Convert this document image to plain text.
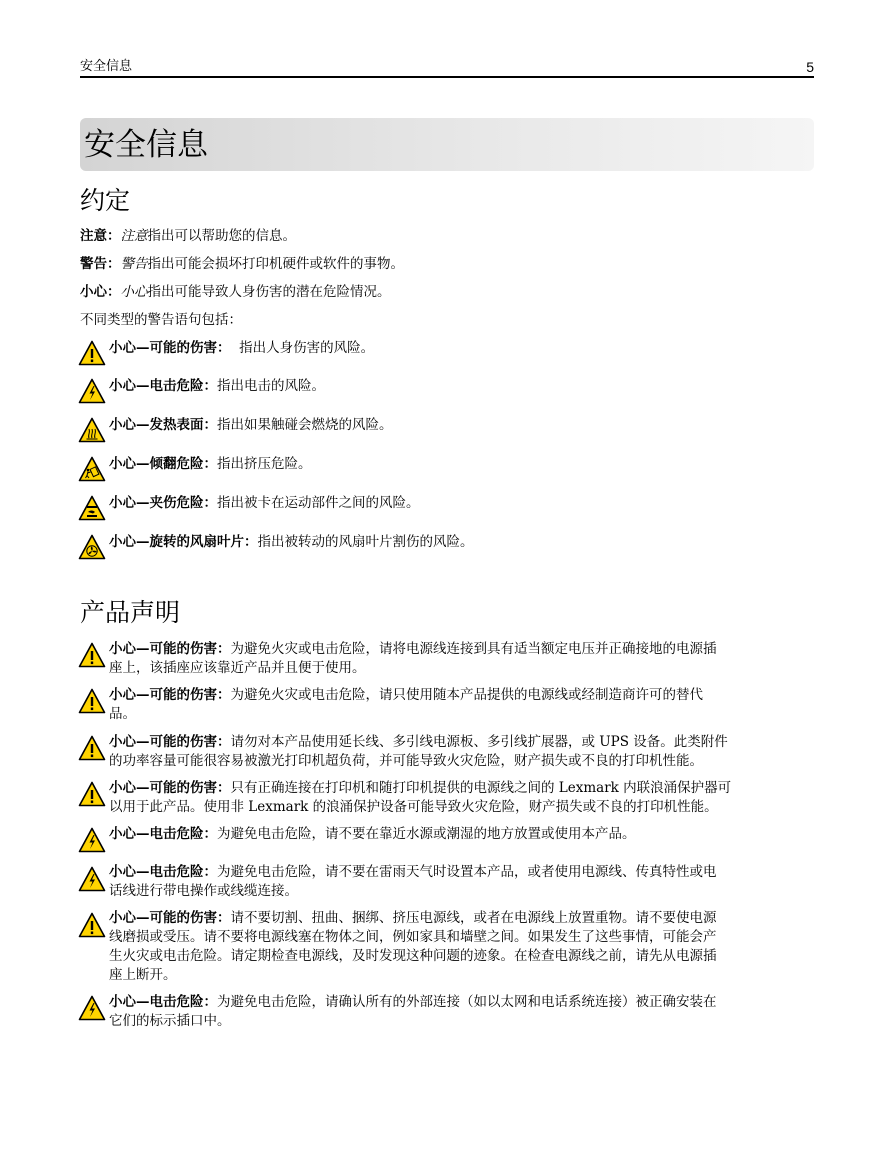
安全信息	5
安全信息
约定
注意：注意指出可以帮助您的信息。
警告：警告指出可能会损坏打印机硬件或软件的事物。
小心：小心指出可能导致人身伤害的潜在危险情况。
不同类型的警告语句包括：
小心—可能的伤害：  指出人身伤害的风险。
小心—电击危险：指出电击的风险。
小心—发热表面：指出如果触碰会燃烧的风险。
小心—倾翻危险：指出挤压危险。
小心—夹伤危险：指出被卡在运动部件之间的风险。
小心—旋转的风扇叶片：指出被转动的风扇叶片割伤的风险。
产品声明
小心—可能的伤害：为避免火灾或电击危险，请将电源线连接到具有适当额定电压并正确接地的电源插
座上，该插座应该靠近产品并且便于使用。
小心—可能的伤害：为避免火灾或电击危险，请只使用随本产品提供的电源线或经制造商许可的替代
品。
小心—可能的伤害：请勿对本产品使用延长线、多引线电源板、多引线扩展器，或 UPS 设备。此类附件
的功率容量可能很容易被激光打印机超负荷，并可能导致火灾危险，财产损失或不良的打印机性能。
小心—可能的伤害：只有正确连接在打印机和随打印机提供的电源线之间的 Lexmark 内联浪涌保护器可
以用于此产品。使用非 Lexmark 的浪涌保护设备可能导致火灾危险，财产损失或不良的打印机性能。
小心—电击危险：为避免电击危险，请不要在靠近水源或潮湿的地方放置或使用本产品。
小心—电击危险：为避免电击危险，请不要在雷雨天气时设置本产品，或者使用电源线、传真特性或电
话线进行带电操作或线缆连接。
小心—可能的伤害：请不要切割、扭曲、捆绑、挤压电源线，或者在电源线上放置重物。请不要使电源
线磨损或受压。请不要将电源线塞在物体之间，例如家具和墙壁之间。如果发生了这些事情，可能会产
生火灾或电击危险。请定期检查电源线，及时发现这种问题的迹象。在检查电源线之前，请先从电源插
座上断开。
小心—电击危险：为避免电击危险，请确认所有的外部连接（如以太网和电话系统连接）被正确安装在
它们的标示插口中。
